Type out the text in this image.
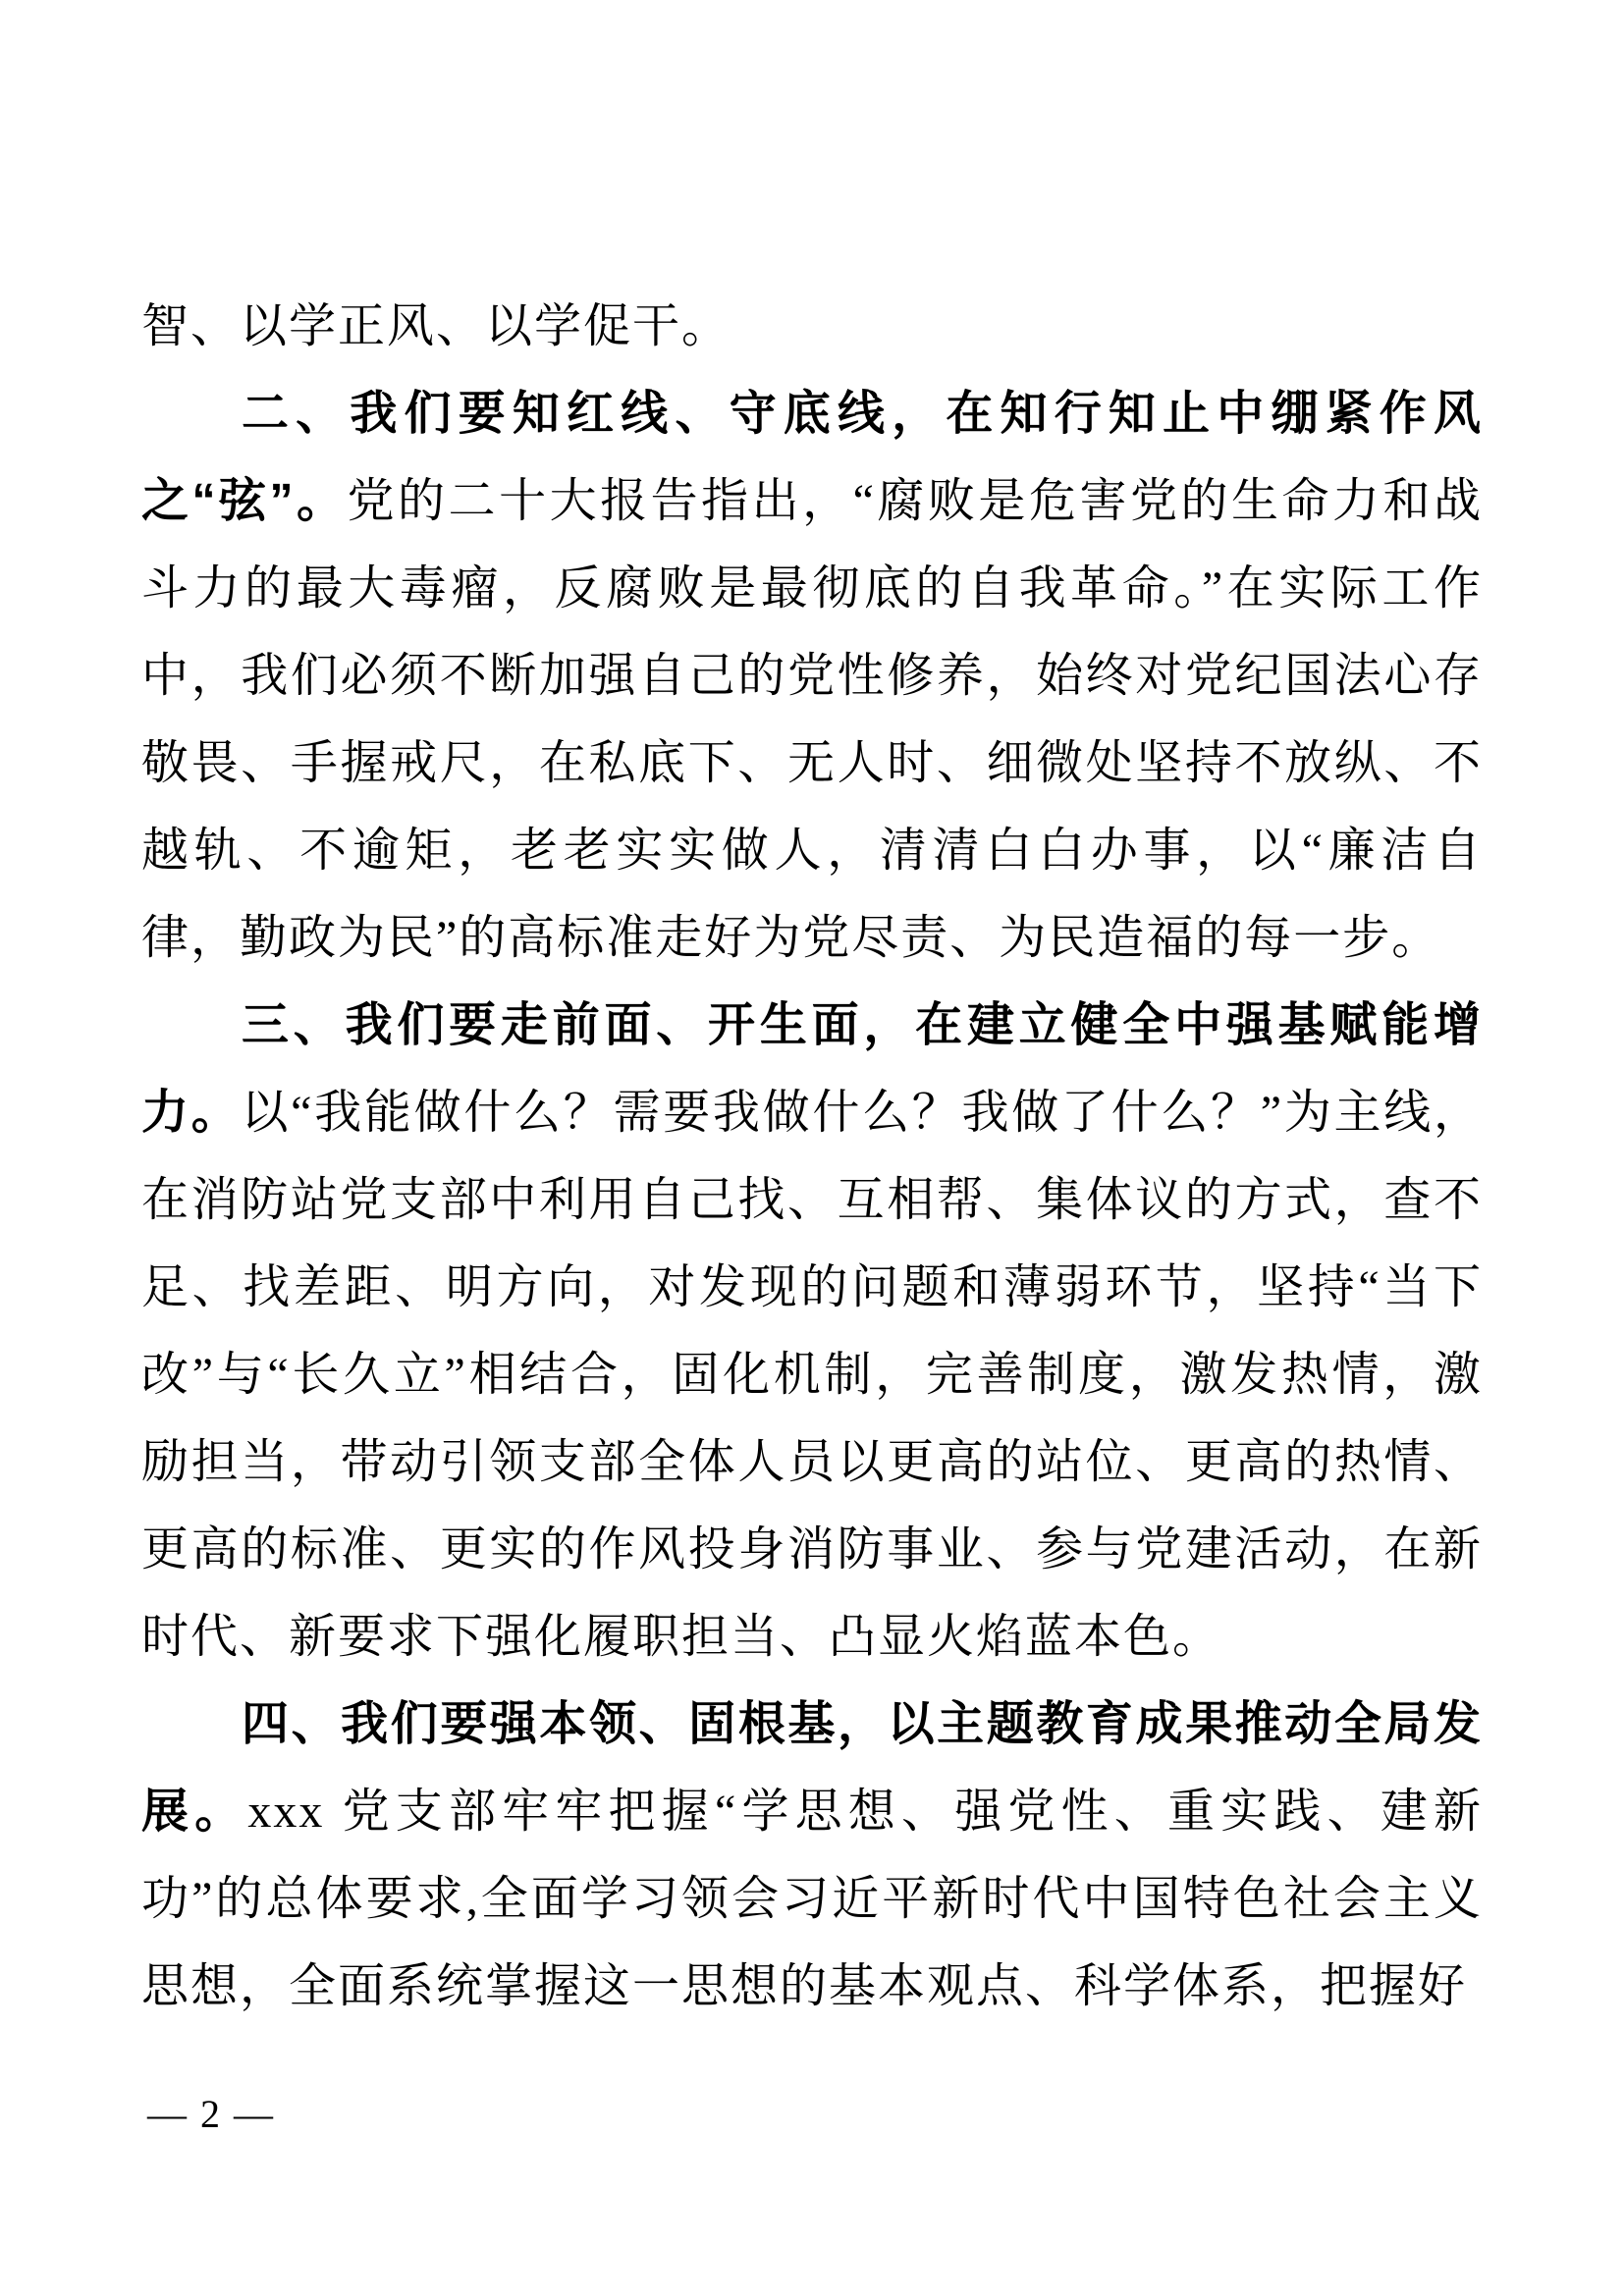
智、以学正风、以学促干。

二、我们要知红线、守底线，在知行知止中绷紧作风之“弦”。党的二十大报告指出，“腐败是危害党的生命力和战斗力的最大毒瘤，反腐败是最彻底的自我革命。”在实际工作中，我们必须不断加强自己的党性修养，始终对党纪国法心存敬畏、手握戒尺，在私底下、无人时、细微处坚持不放纵、不越轨、不逾矩，老老实实做人，清清白白办事，以“廉洁自律，勤政为民”的高标准走好为党尽责、为民造福的每一步。

三、我们要走前面、开生面，在建立健全中强基赋能增力。以“我能做什么？需要我做什么？我做了什么？”为主线，在消防站党支部中利用自己找、互相帮、集体议的方式，查不足、找差距、明方向，对发现的问题和薄弱环节，坚持“当下改”与“长久立”相结合，固化机制，完善制度，激发热情，激励担当，带动引领支部全体人员以更高的站位、更高的热情、更高的标准、更实的作风投身消防事业、参与党建活动，在新时代、新要求下强化履职担当、凸显火焰蓝本色。

四、我们要强本领、固根基，以主题教育成果推动全局发展。xxx 党支部牢牢把握“学思想、强党性、重实践、建新功”的总体要求,全面学习领会习近平新时代中国特色社会主义思想，全面系统掌握这一思想的基本观点、科学体系，把握好

— 2 —
